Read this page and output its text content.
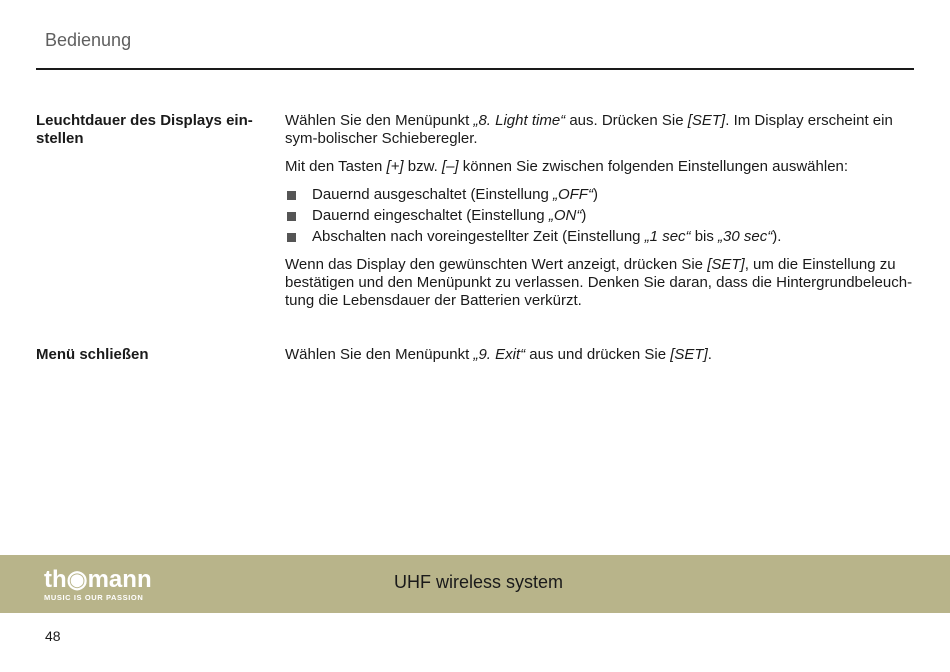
Bedienung
Leuchtdauer des Displays ein-stellen

Wählen Sie den Menüpunkt „8. Light time“ aus. Drücken Sie [SET]. Im Display erscheint ein sym-bolischer Schieberegler.

Mit den Tasten [+] bzw. [–] können Sie zwischen folgenden Einstellungen auswählen:

Dauernd ausgeschaltet (Einstellung „OFF“)
Dauernd eingeschaltet (Einstellung „ON“)
Abschalten nach voreingestellter Zeit (Einstellung „1 sec“ bis „30 sec“).

Wenn das Display den gewünschten Wert anzeigt, drücken Sie [SET], um die Einstellung zu bestätigen und den Menüpunkt zu verlassen. Denken Sie daran, dass die Hintergrundbeleuch-tung die Lebensdauer der Batterien verkürzt.

Menü schließen	Wählen Sie den Menüpunkt „9. Exit“ aus und drücken Sie [SET].

th◉mann
MUSIC IS OUR PASSION
UHF wireless system
48
